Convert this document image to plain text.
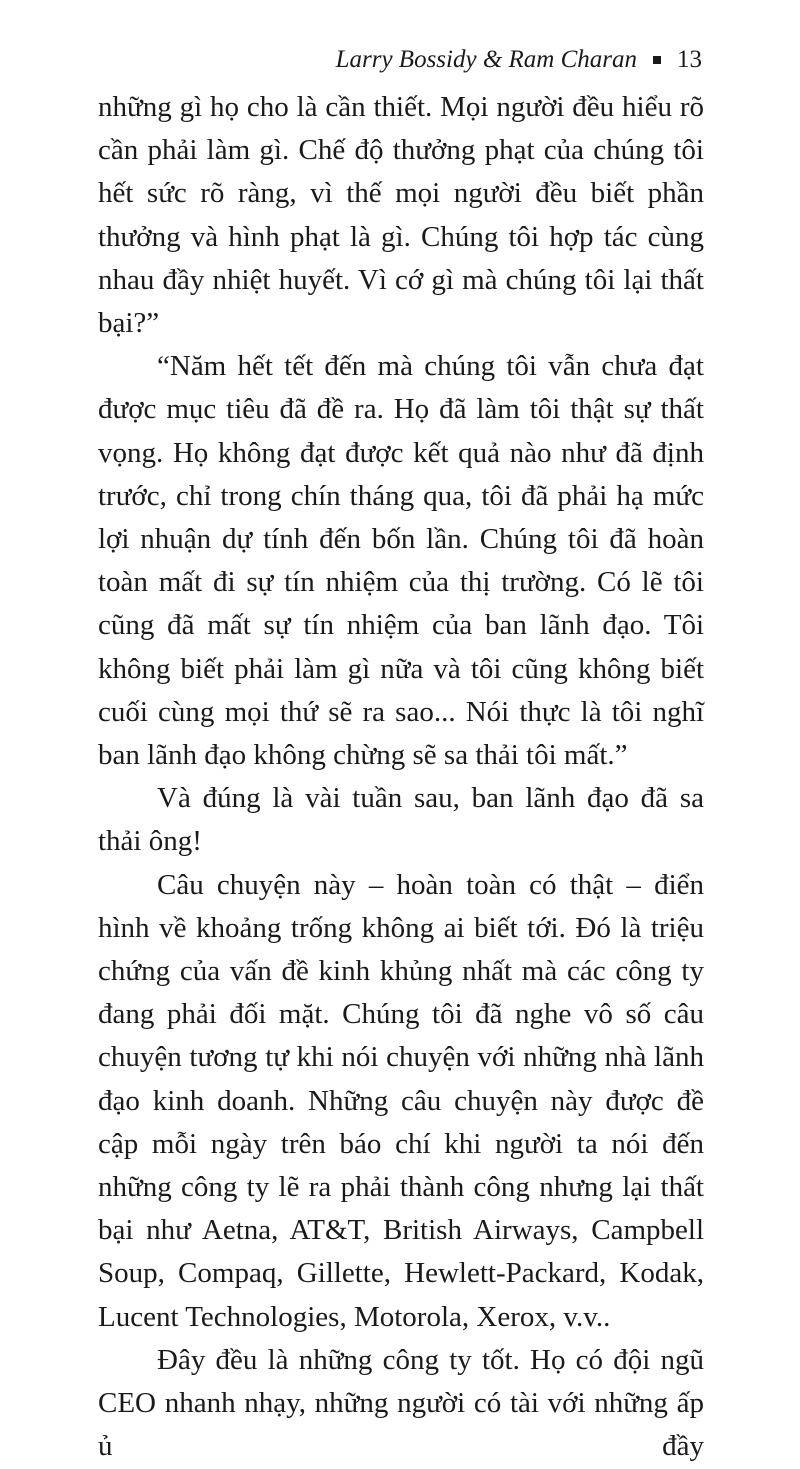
Larry Bossidy & Ram Charan 13

những gì họ cho là cần thiết. Mọi người đều hiểu rõ cần phải làm gì. Chế độ thưởng phạt của chúng tôi hết sức rõ ràng, vì thế mọi người đều biết phần thưởng và hình phạt là gì. Chúng tôi hợp tác cùng nhau đầy nhiệt huyết. Vì cớ gì mà chúng tôi lại thất bại?”

“Năm hết tết đến mà chúng tôi vẫn chưa đạt được mục tiêu đã đề ra. Họ đã làm tôi thật sự thất vọng. Họ không đạt được kết quả nào như đã định trước, chỉ trong chín tháng qua, tôi đã phải hạ mức lợi nhuận dự tính đến bốn lần. Chúng tôi đã hoàn toàn mất đi sự tín nhiệm của thị trường. Có lẽ tôi cũng đã mất sự tín nhiệm của ban lãnh đạo. Tôi không biết phải làm gì nữa và tôi cũng không biết cuối cùng mọi thứ sẽ ra sao... Nói thực là tôi nghĩ ban lãnh đạo không chừng sẽ sa thải tôi mất.”

Và đúng là vài tuần sau, ban lãnh đạo đã sa thải ông!

Câu chuyện này – hoàn toàn có thật – điển hình về khoảng trống không ai biết tới. Đó là triệu chứng của vấn đề kinh khủng nhất mà các công ty đang phải đối mặt. Chúng tôi đã nghe vô số câu chuyện tương tự khi nói chuyện với những nhà lãnh đạo kinh doanh. Những câu chuyện này được đề cập mỗi ngày trên báo chí khi người ta nói đến những công ty lẽ ra phải thành công nhưng lại thất bại như Aetna, AT&T, British Airways, Campbell Soup, Compaq, Gillette, Hewlett-Packard, Kodak, Lucent Technologies, Motorola, Xerox, v.v..

Đây đều là những công ty tốt. Họ có đội ngũ CEO nhanh nhạy, những người có tài với những ấp ủ đầy
